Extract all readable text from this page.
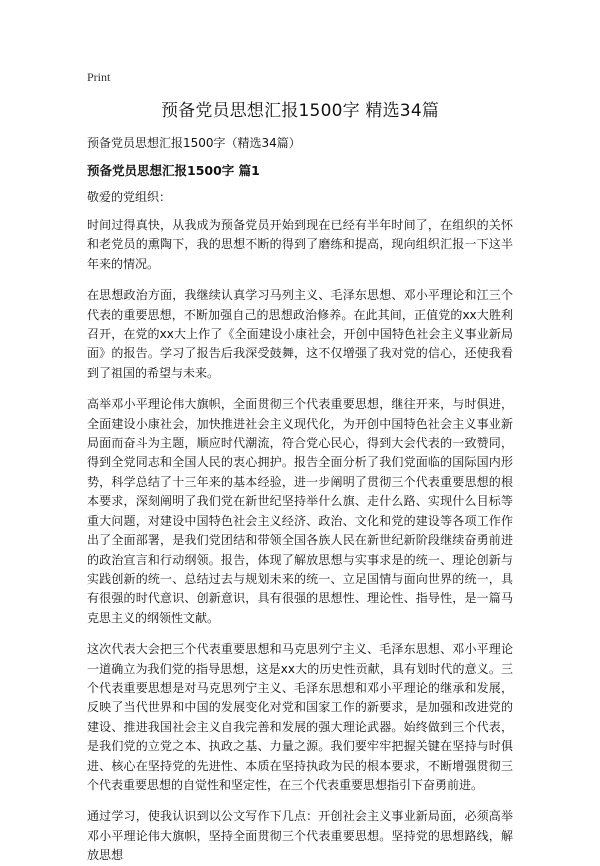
Print
预备党员思想汇报1500字 精选34篇
预备党员思想汇报1500字（精选34篇）
预备党员思想汇报1500字 篇1
敬爱的党组织：

时间过得真快，从我成为预备党员开始到现在已经有半年时间了，在组织的关怀和老党员的熏陶下，我的思想不断的得到了磨练和提高，现向组织汇报一下这半年来的情况。

在思想政治方面，我继续认真学习马列主义、毛泽东思想、邓小平理论和江三个代表的重要思想，不断加强自己的思想政治修养。在此其间，正值党的xx大胜利召开，在党的xx大上作了《全面建设小康社会，开创中国特色社会主义事业新局面》的报告。学习了报告后我深受鼓舞，这不仅增强了我对党的信心，还使我看到了祖国的希望与未来。

高举邓小平理论伟大旗帜，全面贯彻三个代表重要思想，继往开来，与时俱进，全面建设小康社会，加快推进社会主义现代化，为开创中国特色社会主义事业新局面而奋斗为主题，顺应时代潮流，符合党心民心，得到大会代表的一致赞同，得到全党同志和全国人民的衷心拥护。报告全面分析了我们党面临的国际国内形势，科学总结了十三年来的基本经验，进一步阐明了贯彻三个代表重要思想的根本要求，深刻阐明了我们党在新世纪坚持举什么旗、走什么路、实现什么目标等重大问题，对建设中国特色社会主义经济、政治、文化和党的建设等各项工作作出了全面部署，是我们党团结和带领全国各族人民在新世纪新阶段继续奋勇前进的政治宣言和行动纲领。报告，体现了解放思想与实事求是的统一、理论创新与实践创新的统一、总结过去与规划未来的统一、立足国情与面向世界的统一，具有很强的时代意识、创新意识，具有很强的思想性、理论性、指导性，是一篇马克思主义的纲领性文献。

这次代表大会把三个代表重要思想和马克思列宁主义、毛泽东思想、邓小平理论一道确立为我们党的指导思想，这是xx大的历史性贡献，具有划时代的意义。三个代表重要思想是对马克思列宁主义、毛泽东思想和邓小平理论的继承和发展，反映了当代世界和中国的发展变化对党和国家工作的新要求，是加强和改进党的建设、推进我国社会主义自我完善和发展的强大理论武器。始终做到三个代表，是我们党的立党之本、执政之基、力量之源。我们要牢牢把握关键在坚持与时俱进、核心在坚持党的先进性、本质在坚持执政为民的根本要求，不断增强贯彻三个代表重要思想的自觉性和坚定性，在三个代表重要思想指引下奋勇前进。

通过学习，使我认识到以公文写作下几点：开创社会主义事业新局面，必须高举邓小平理论伟大旗帜，坚持全面贯彻三个代表重要思想。坚持党的思想路线，解放思想
